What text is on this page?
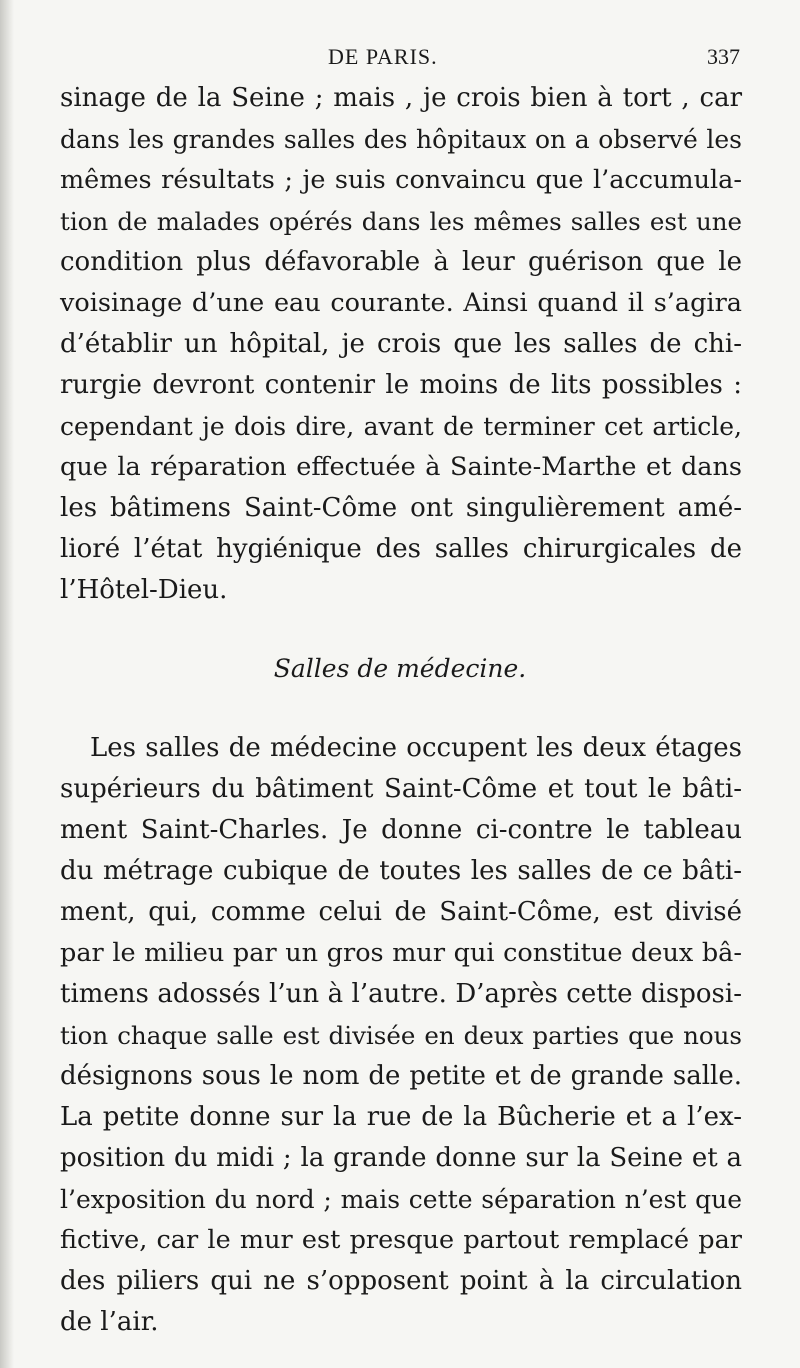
DE PARIS.	337
sinage de la Seine ; mais , je crois bien à tort , car
dans les grandes salles des hôpitaux on a observé les
mêmes résultats ; je suis convaincu que l’accumula-
tion de malades opérés dans les mêmes salles est une
condition plus défavorable à leur guérison que le
voisinage d’une eau courante. Ainsi quand il s’agira
d’établir un hôpital, je crois que les salles de chi-
rurgie devront contenir le moins de lits possibles :
cependant je dois dire, avant de terminer cet article,
que la réparation effectuée à Sainte-Marthe et dans
les bâtimens Saint-Côme ont singulièrement amé-
lioré l’état hygiénique des salles chirurgicales de
l’Hôtel-Dieu.
Salles de médecine.
Les salles de médecine occupent les deux étages
supérieurs du bâtiment Saint-Côme et tout le bâti-
ment Saint-Charles. Je donne ci-contre le tableau
du métrage cubique de toutes les salles de ce bâti-
ment, qui, comme celui de Saint-Côme, est divisé
par le milieu par un gros mur qui constitue deux bâ-
timens adossés l’un à l’autre. D’après cette disposi-
tion chaque salle est divisée en deux parties que nous
désignons sous le nom de petite et de grande salle.
La petite donne sur la rue de la Bûcherie et a l’ex-
position du midi ; la grande donne sur la Seine et a
l’exposition du nord ; mais cette séparation n’est que
fictive, car le mur est presque partout remplacé par
des piliers qui ne s’opposent point à la circulation
de l’air.
